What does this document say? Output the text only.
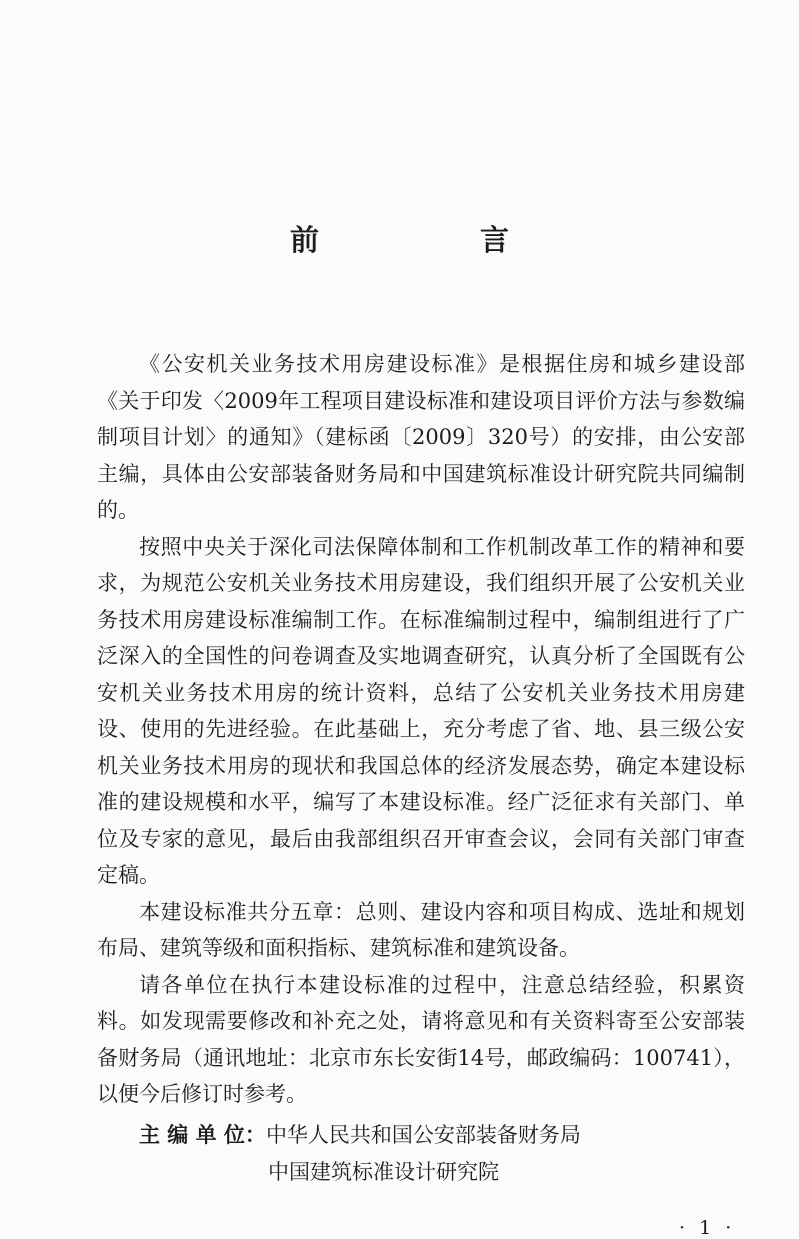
前　言

《公安机关业务技术用房建设标准》是根据住房和城乡建设部《关于印发〈2009年工程项目建设标准和建设项目评价方法与参数编制项目计划〉的通知》（建标函〔2009〕320号）的安排，由公安部主编，具体由公安部装备财务局和中国建筑标准设计研究院共同编制的。

按照中央关于深化司法保障体制和工作机制改革工作的精神和要求，为规范公安机关业务技术用房建设，我们组织开展了公安机关业务技术用房建设标准编制工作。在标准编制过程中，编制组进行了广泛深入的全国性的问卷调查及实地调查研究，认真分析了全国既有公安机关业务技术用房的统计资料，总结了公安机关业务技术用房建设、使用的先进经验。在此基础上，充分考虑了省、地、县三级公安机关业务技术用房的现状和我国总体的经济发展态势，确定本建设标准的建设规模和水平，编写了本建设标准。经广泛征求有关部门、单位及专家的意见，最后由我部组织召开审查会议，会同有关部门审查定稿。

本建设标准共分五章：总则、建设内容和项目构成、选址和规划布局、建筑等级和面积指标、建筑标准和建筑设备。

请各单位在执行本建设标准的过程中，注意总结经验，积累资料。如发现需要修改和补充之处，请将意见和有关资料寄至公安部装备财务局（通讯地址：北京市东长安街14号，邮政编码：100741），以便今后修订时参考。

主 编 单 位：中华人民共和国公安部装备财务局
中国建筑标准设计研究院
· 1 ·
